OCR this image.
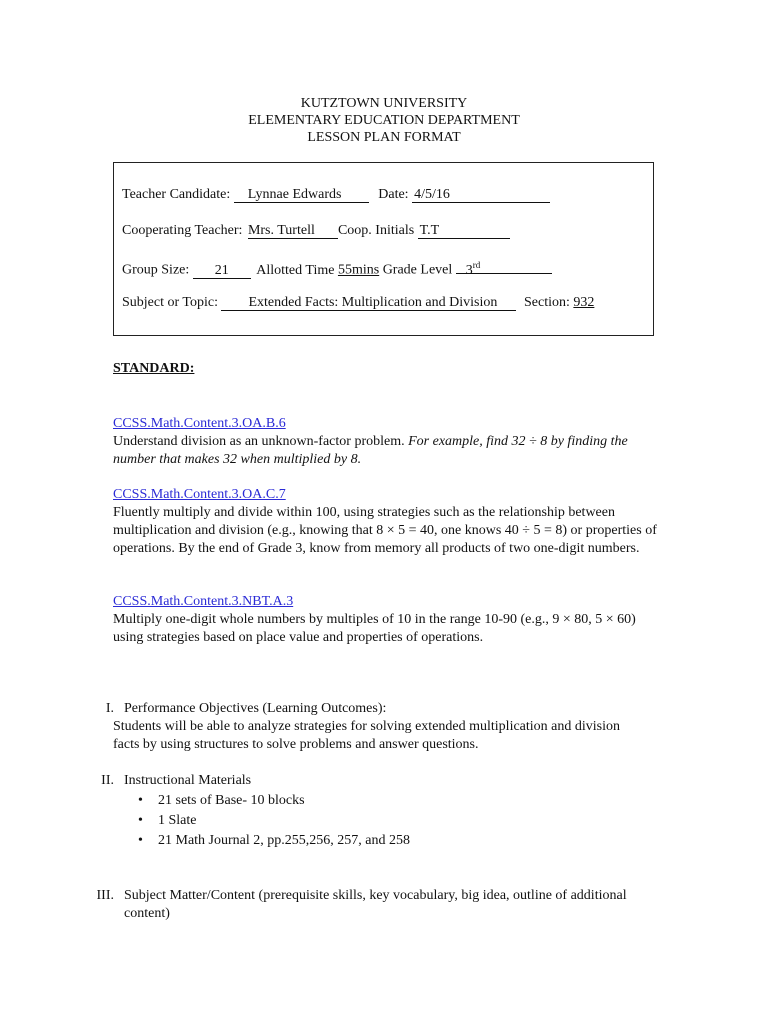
KUTZTOWN UNIVERSITY
ELEMENTARY EDUCATION DEPARTMENT
LESSON PLAN FORMAT
Teacher Candidate: Lynnae Edwards	Date: 4/5/16
Cooperating Teacher: Mrs. Turtell Coop. Initials T.T
Group Size: 21 Allotted Time 55mins Grade Level 3rd
Subject or Topic: Extended Facts: Multiplication and Division Section: 932
STANDARD:
CCSS.Math.Content.3.OA.B.6
Understand division as an unknown-factor problem. For example, find 32 ÷ 8 by finding the number that makes 32 when multiplied by 8.
CCSS.Math.Content.3.OA.C.7
Fluently multiply and divide within 100, using strategies such as the relationship between multiplication and division (e.g., knowing that 8 × 5 = 40, one knows 40 ÷ 5 = 8) or properties of operations. By the end of Grade 3, know from memory all products of two one-digit numbers.
CCSS.Math.Content.3.NBT.A.3
Multiply one-digit whole numbers by multiples of 10 in the range 10-90 (e.g., 9 × 80, 5 × 60) using strategies based on place value and properties of operations.
I. Performance Objectives (Learning Outcomes):
Students will be able to analyze strategies for solving extended multiplication and division facts by using structures to solve problems and answer questions.
II. Instructional Materials
• 21 sets of Base- 10 blocks
• 1 Slate
• 21 Math Journal 2, pp.255,256, 257, and 258
III. Subject Matter/Content (prerequisite skills, key vocabulary, big idea, outline of additional content)
